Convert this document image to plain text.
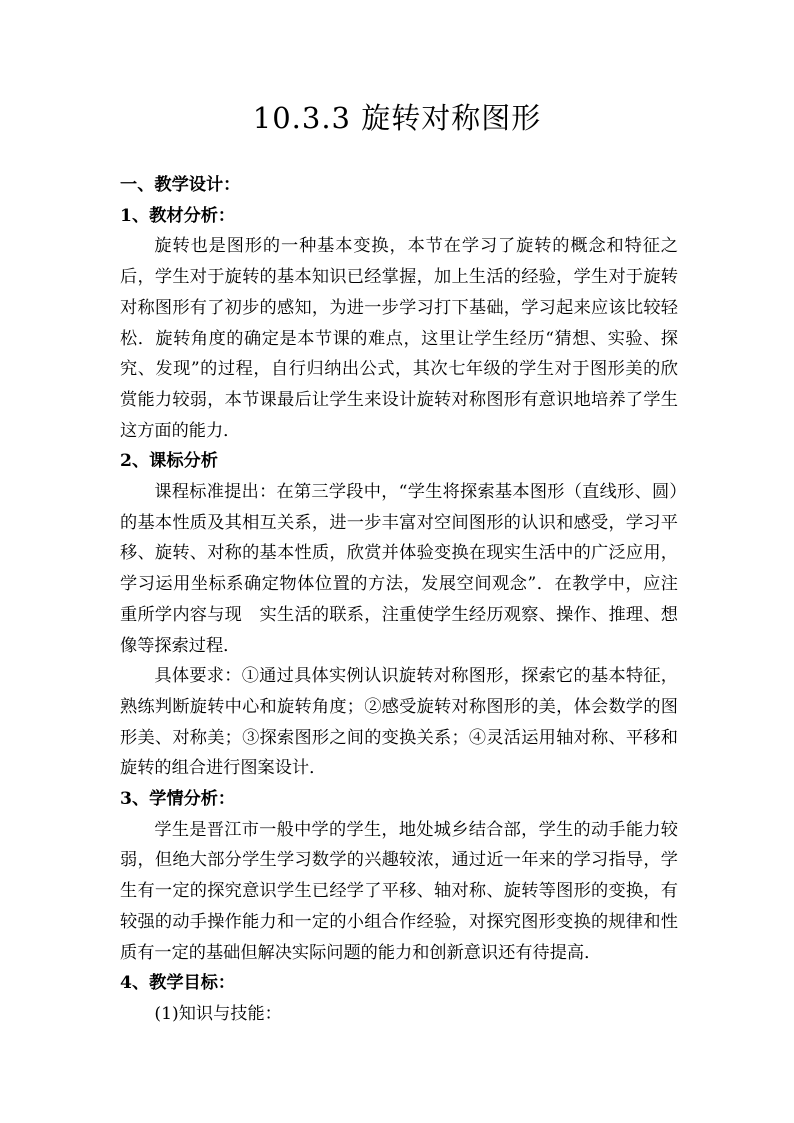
10.3.3 旋转对称图形

一、教学设计：

1、教材分析：

旋转也是图形的一种基本变换，本节在学习了旋转的概念和特征之后，学生对于旋转的基本知识已经掌握，加上生活的经验，学生对于旋转对称图形有了初步的感知，为进一步学习打下基础，学习起来应该比较轻松．旋转角度的确定是本节课的难点，这里让学生经历“猜想、实验、探究、发现”的过程，自行归纳出公式，其次七年级的学生对于图形美的欣赏能力较弱，本节课最后让学生来设计旋转对称图形有意识地培养了学生这方面的能力．

2、课标分析

课程标准提出：在第三学段中，“学生将探索基本图形（直线形、圆）的基本性质及其相互关系，进一步丰富对空间图形的认识和感受，学习平移、旋转、对称的基本性质，欣赏并体验变换在现实生活中的广泛应用，学习运用坐标系确定物体位置的方法，发展空间观念”．在教学中，应注重所学内容与现　实生活的联系，注重使学生经历观察、操作、推理、想像等探索过程．

具体要求：①通过具体实例认识旋转对称图形，探索它的基本特征，熟练判断旋转中心和旋转角度；②感受旋转对称图形的美，体会数学的图形美、对称美；③探索图形之间的变换关系；④灵活运用轴对称、平移和旋转的组合进行图案设计．

3、学情分析：

学生是晋江市一般中学的学生，地处城乡结合部，学生的动手能力较弱，但绝大部分学生学习数学的兴趣较浓，通过近一年来的学习指导，学生有一定的探究意识学生已经学了平移、轴对称、旋转等图形的变换，有较强的动手操作能力和一定的小组合作经验，对探究图形变换的规律和性质有一定的基础但解决实际问题的能力和创新意识还有待提高．

4、教学目标：

(1)知识与技能：
